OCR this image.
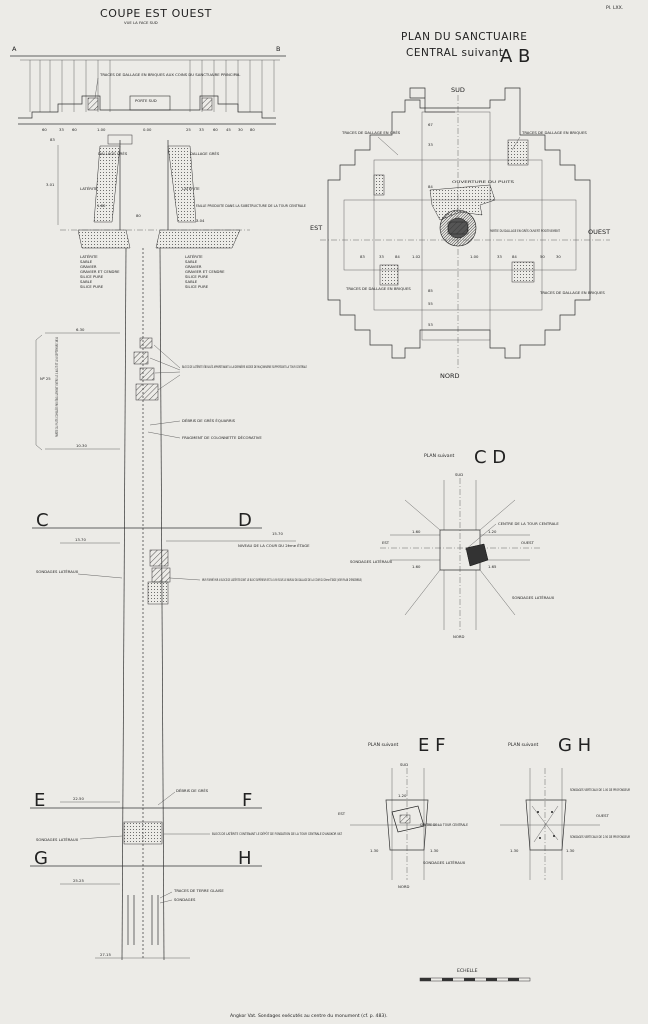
Pl. LXX.
COUPE EST OUEST
VUE LA FACE SUD
A	B
PORTE SUD
TRACES DE DALLAGE EN BRIQUES AUX COINS DU SANCTUAIRE PRINCIPAL
60	33 60	1.00	0.00	25 33 60 45 30 80
83
DALLAGE GRÈS	DALLAGE GRÈS
LATÉRITE	LATÉRITE
3.01
1.80
80
3.04
FAILLE PRODUITE DANS LA SUBSTRUCTURE DE LA TOUR CENTRALE
LATÉRITE
SABLE
GRAVIER
GRAVIER ET CENDRE
SILICE PURE
SABLE
SILICE PURE
LATÉRITE
SABLE
GRAVIER
GRAVIER ET CENDRE
SILICE PURE
SABLE
SILICE PURE
6.30
Nº 25 PARTIE DU PUITS COMBLÉE PAR ÉBOULEMENT ENTRE LE 3 AOÛT ET LE 6 SEPTEMBRE 1934
10.30
BLOCS DE LATÉRITE ÉBOULÉS APPARTENANT A LA DERNIÈRE ASSISE DE MAÇONNERIE SUPPORTANT LA TOUR CENTRALE
DÉBRIS DE GRÈS ÉQUARRIS
FRAGMENT DE COLONNETTE DÉCORATIVE
C	D
13.70
15.70
NIVEAU DE LA COUR DU 2ème ÉTAGE
SONDAGES LATÉRAUX
MUR FORMÉ PAR 4 BLOCS DE LATÉRITE DONT LE BLOC SUPÉRIEUR EST A 0.90 SOUS LE NIVEAU DU DALLAGE DE LA COUR DU 2ème ÉTAGE (VOIR PLAN D'ENSEMBLE)
E	F
22.50
DÉBRIS DE GRÈS
SONDAGES LATÉRAUX
BLOCS DE LATÉRITE CONTENANT LE DÉPÔT DE FONDATION DE LA TOUR CENTRALE D'ANGKOR VAT
G	H
25.25
TRACES DE TERRE GLAISE
SONDAGES
27.15
PLAN DU SANCTUAIRE
CENTRAL suivant
A B
SUD
NORD
EST	OUEST
TRACES DE DALLAGE EN GRÈS	TRACES DE DALLAGE EN BRIQUES
OUVERTURE DU PUITS
PARTIE DU DALLAGE EN GRÈS OUVERT POSITIVEMENT
TRACES DE DALLAGE EN BRIQUES
TRACES DE DALLAGE EN BRIQUES
67
33
84
85
55
53
83	33	84	1.02	1.00	33	84	50	30
PLAN suivant C D
SUD
NORD
EST	OUEST
CENTRE DE LA TOUR CENTRALE
SONDAGES LATÉRAUX
SONDAGES LATÉRAUX
1.60	1.20
1.60	1.65
PLAN suivant E F
SUD
NORD
EST
CENTRE DE LA TOUR CENTRALE
SONDAGES LATÉRAUX
1.30
1.20
1.30
PLAN suivant G H
OUEST
SONDAGES VERTICAUX DE 1.00 DE PROFONDEUR
SONDAGES VERTICAUX DE 2.50 DE PROFONDEUR
1.30	1.30
ECHELLE
Angkor Vat. Sondages exécutés au centre du monument (cf. p. 483).
